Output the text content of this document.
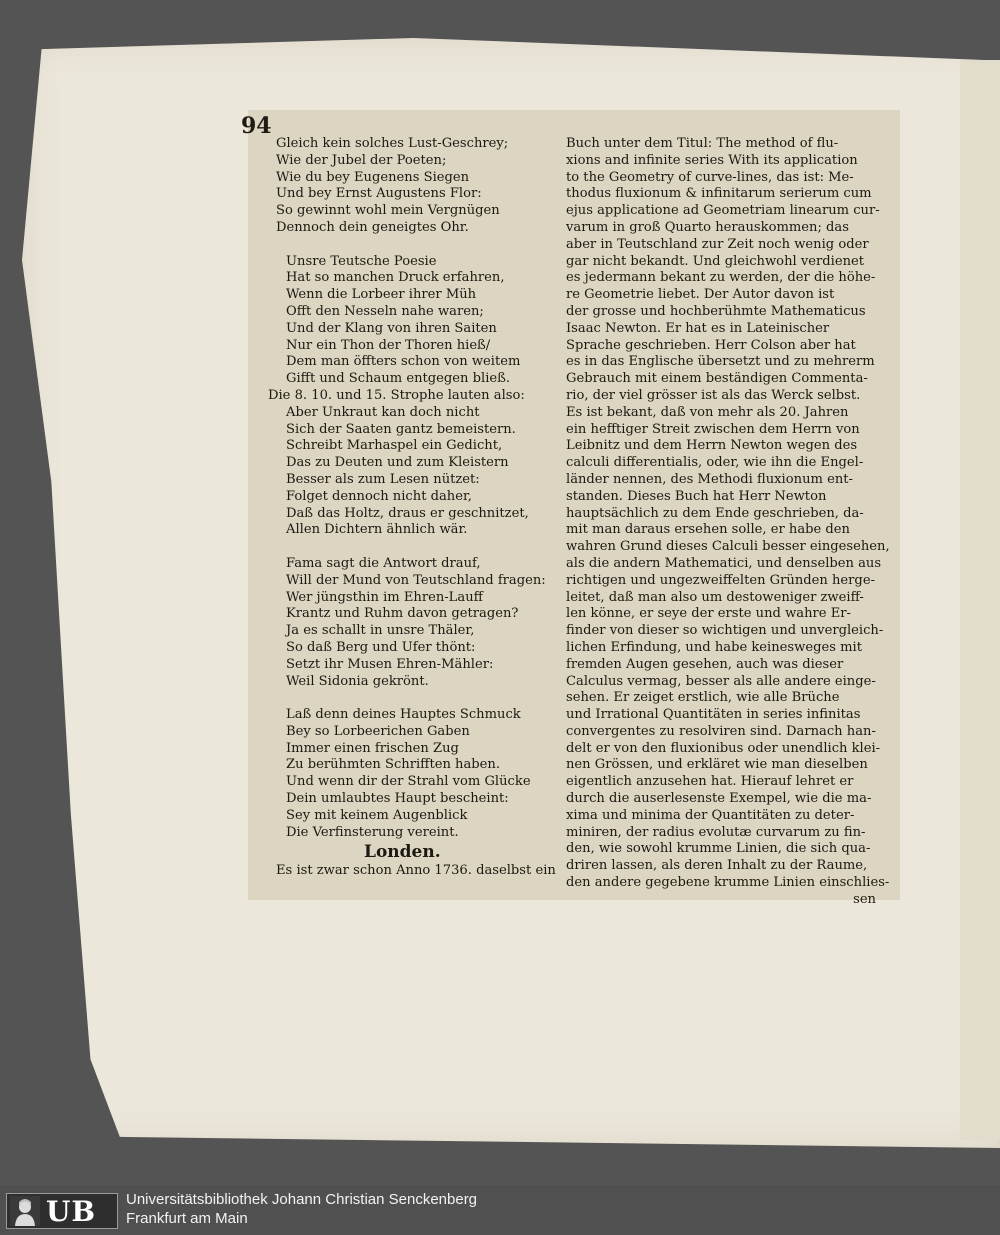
94
Gleich kein solches Lust-Geschrey;
Wie der Jubel der Poeten;
Wie du bey Eugenens Siegen
Und bey Ernst Augustens Flor:
So gewinnt wohl mein Vergnügen
Dennoch dein geneigtes Ohr.
Unsre Teutsche Poesie
Hat so manchen Druck erfahren,
Wenn die Lorbeer ihrer Müh
Offt den Nesseln nahe waren;
Und der Klang von ihren Saiten
Nur ein Thon der Thoren hieß/
Dem man öffters schon von weitem
Gifft und Schaum entgegen bließ.
Die 8. 10. und 15. Strophe lauten also:
Aber Unkraut kan doch nicht
Sich der Saaten gantz bemeistern.
Schreibt Marhaspel ein Gedicht,
Das zu Deuten und zum Kleistern
Besser als zum Lesen nützet:
Folget dennoch nicht daher,
Daß das Holtz, draus er geschnitzet,
Allen Dichtern ähnlich wär.
Fama sagt die Antwort drauf,
Will der Mund von Teutschland fragen:
Wer jüngsthin im Ehren-Lauff
Krantz und Ruhm davon getragen?
Ja es schallt in unsre Thäler,
So daß Berg und Ufer thönt:
Setzt ihr Musen Ehren-Mähler:
Weil Sidonia gekrönt.
Laß denn deines Hauptes Schmuck
Bey so Lorbeerichen Gaben
Immer einen frischen Zug
Zu berühmten Schrifften haben.
Und wenn dir der Strahl vom Glücke
Dein umlaubtes Haupt bescheint:
Sey mit keinem Augenblick
Die Verfinsterung vereint.
Londen.
Es ist zwar schon Anno 1736. daselbst ein
Buch unter dem Titul: The method of flu-
xions and infinite series With its application
to the Geometry of curve-lines, das ist: Me-
thodus fluxionum & infinitarum serierum cum
ejus applicatione ad Geometriam linearum cur-
varum in groß Quarto herauskommen; das
aber in Teutschland zur Zeit noch wenig oder
gar nicht bekandt. Und gleichwohl verdienet
es jedermann bekant zu werden, der die höhe-
re Geometrie liebet. Der Autor davon ist
der grosse und hochberühmte Mathematicus
Isaac Newton. Er hat es in Lateinischer
Sprache geschrieben. Herr Colson aber hat
es in das Englische übersetzt und zu mehrerm
Gebrauch mit einem beständigen Commenta-
rio, der viel grösser ist als das Werck selbst.
Es ist bekant, daß von mehr als 20. Jahren
ein hefftiger Streit zwischen dem Herrn von
Leibnitz und dem Herrn Newton wegen des
calculi differentialis, oder, wie ihn die Engel-
länder nennen, des Methodi fluxionum ent-
standen. Dieses Buch hat Herr Newton
hauptsächlich zu dem Ende geschrieben, da-
mit man daraus ersehen solle, er habe den
wahren Grund dieses Calculi besser eingesehen,
als die andern Mathematici, und denselben aus
richtigen und ungezweiffelten Gründen herge-
leitet, daß man also um destoweniger zweiff-
len könne, er seye der erste und wahre Er-
finder von dieser so wichtigen und unvergleich-
lichen Erfindung, und habe keinesweges mit
fremden Augen gesehen, auch was dieser
Calculus vermag, besser als alle andere einge-
sehen. Er zeiget erstlich, wie alle Brüche
und Irrational Quantitäten in series infinitas
convergentes zu resolviren sind. Darnach han-
delt er von den fluxionibus oder unendlich klei-
nen Grössen, und erkläret wie man dieselben
eigentlich anzusehen hat. Hierauf lehret er
durch die auserlesenste Exempel, wie die ma-
xima und minima der Quantitäten zu deter-
miniren, der radius evolutæ curvarum zu fin-
den, wie sowohl krumme Linien, die sich qua-
driren lassen, als deren Inhalt zu der Raume,
den andere gegebene krumme Linien einschlies-
sen
UB Universitätsbibliothek Johann Christian Senckenberg
Frankfurt am Main
